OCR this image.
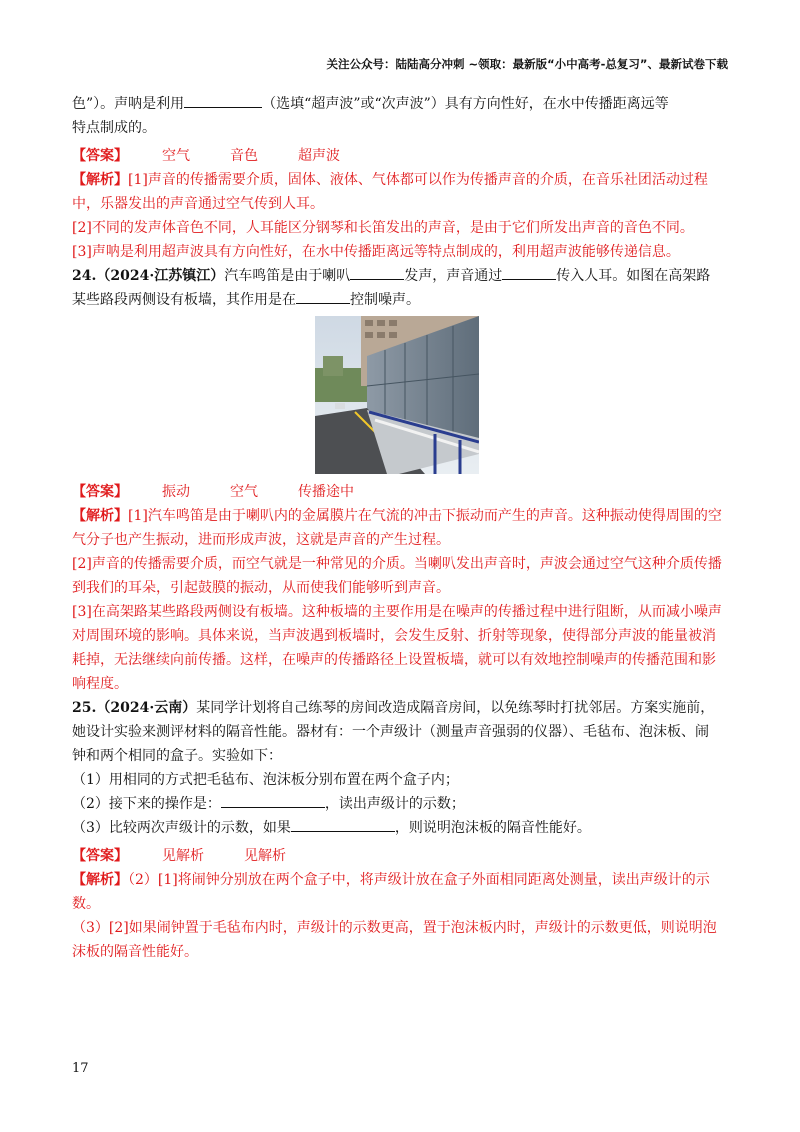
关注公众号：陆陆高分冲刺 ~领取：最新版“小中高考-总复习”、最新试卷下载

色”）。声呐是利用	（选填“超声波”或“次声波”）具有方向性好，在水中传播距离远等

特点制成的。

【答案】 空气	音色	超声波

【解析】[1]声音的传播需要介质，固体、液体、气体都可以作为传播声音的介质，在音乐社团活动过程中，乐器发出的声音通过空气传到人耳。

[2]不同的发声体音色不同，人耳能区分钢琴和长笛发出的声音，是由于它们所发出声音的音色不同。

[3]声呐是利用超声波具有方向性好，在水中传播距离远等特点制成的，利用超声波能够传递信息。

24.（2024·江苏镇江）汽车鸣笛是由于喇叭	发声，声音通过	传入人耳。如图在高架路

某些路段两侧设有板墙，其作用是在	控制噪声。

【答案】 振动	空气	传播途中

【解析】[1]汽车鸣笛是由于喇叭内的金属膜片在气流的冲击下振动而产生的声音。这种振动使得周围的空气分子也产生振动，进而形成声波，这就是声音的产生过程。

[2]声音的传播需要介质，而空气就是一种常见的介质。当喇叭发出声音时，声波会通过空气这种介质传播到我们的耳朵，引起鼓膜的振动，从而使我们能够听到声音。

[3]在高架路某些路段两侧设有板墙。这种板墙的主要作用是在噪声的传播过程中进行阻断，从而减小噪声对周围环境的影响。具体来说，当声波遇到板墙时，会发生反射、折射等现象，使得部分声波的能量被消耗掉，无法继续向前传播。这样，在噪声的传播路径上设置板墙，就可以有效地控制噪声的传播范围和影响程度。

25.（2024·云南）某同学计划将自己练琴的房间改造成隔音房间，以免练琴时打扰邻居。方案实施前，她设计实验来测评材料的隔音性能。器材有：一个声级计（测量声音强弱的仪器）、毛毡布、泡沫板、闹钟和两个相同的盒子。实验如下：

（1）用相同的方式把毛毡布、泡沫板分别布置在两个盒子内；

（2）接下来的操作是：	，读出声级计的示数；

（3）比较两次声级计的示数，如果	，则说明泡沫板的隔音性能好。

【答案】 见解析	见解析

【解析】（2）[1]将闹钟分别放在两个盒子中，将声级计放在盒子外面相同距离处测量，读出声级计的示数。

（3）[2]如果闹钟置于毛毡布内时，声级计的示数更高，置于泡沫板内时，声级计的示数更低，则说明泡沫板的隔音性能好。

17
